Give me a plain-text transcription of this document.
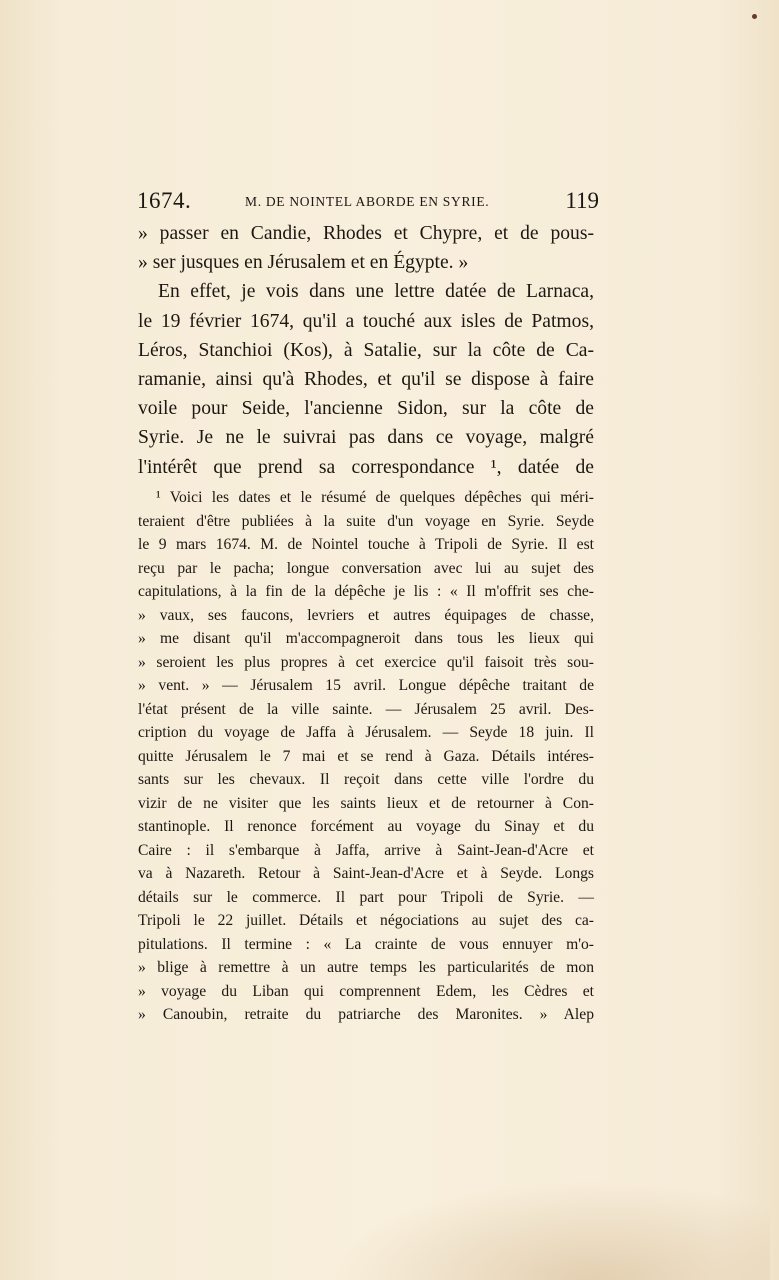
1674.	M. DE NOINTEL ABORDE EN SYRIE.	119
» passer en Candie, Rhodes et Chypre, et de pous-
» ser jusques en Jérusalem et en Égypte. »
En effet, je vois dans une lettre datée de Larnaca,
le 19 février 1674, qu'il a touché aux isles de Patmos,
Léros, Stanchioi (Kos), à Satalie, sur la côte de Ca-
ramanie, ainsi qu'à Rhodes, et qu'il se dispose à faire
voile pour Seide, l'ancienne Sidon, sur la côte de
Syrie. Je ne le suivrai pas dans ce voyage, malgré
l'intérêt que prend sa correspondance ¹, datée de
¹ Voici les dates et le résumé de quelques dépêches qui méri-
teraient d'être publiées à la suite d'un voyage en Syrie. Seyde
le 9 mars 1674. M. de Nointel touche à Tripoli de Syrie. Il est
reçu par le pacha; longue conversation avec lui au sujet des
capitulations, à la fin de la dépêche je lis : « Il m'offrit ses che-
» vaux, ses faucons, levriers et autres équipages de chasse,
» me disant qu'il m'accompagneroit dans tous les lieux qui
» seroient les plus propres à cet exercice qu'il faisoit très sou-
» vent. » — Jérusalem 15 avril. Longue dépêche traitant de
l'état présent de la ville sainte. — Jérusalem 25 avril. Des-
cription du voyage de Jaffa à Jérusalem. — Seyde 18 juin. Il
quitte Jérusalem le 7 mai et se rend à Gaza. Détails intéres-
sants sur les chevaux. Il reçoit dans cette ville l'ordre du
vizir de ne visiter que les saints lieux et de retourner à Con-
stantinople. Il renonce forcément au voyage du Sinay et du
Caire : il s'embarque à Jaffa, arrive à Saint-Jean-d'Acre et
va à Nazareth. Retour à Saint-Jean-d'Acre et à Seyde. Longs
détails sur le commerce. Il part pour Tripoli de Syrie. —
Tripoli le 22 juillet. Détails et négociations au sujet des ca-
pitulations. Il termine : « La crainte de vous ennuyer m'o-
» blige à remettre à un autre temps les particularités de mon
» voyage du Liban qui comprennent Edem, les Cèdres et
» Canoubin, retraite du patriarche des Maronites. » Alep
